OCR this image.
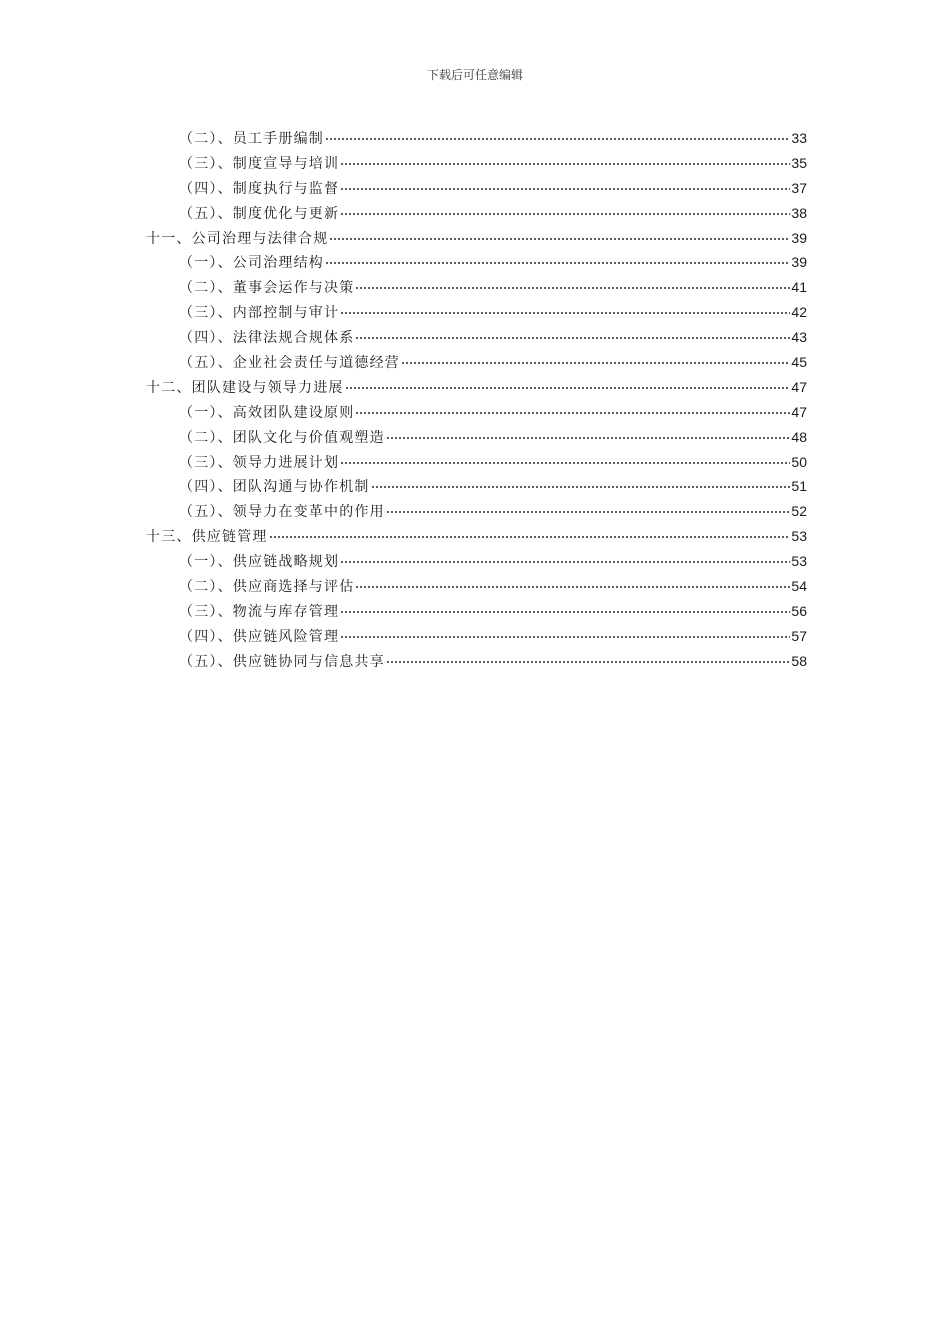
下载后可任意编辑
（二）、员工手册编制	33
（三）、制度宣导与培训	35
（四）、制度执行与监督	37
（五）、制度优化与更新	38
十一、公司治理与法律合规	39
（一）、公司治理结构	39
（二）、董事会运作与决策	41
（三）、内部控制与审计	42
（四）、法律法规合规体系	43
（五）、企业社会责任与道德经营	45
十二、团队建设与领导力进展	47
（一）、高效团队建设原则	47
（二）、团队文化与价值观塑造	48
（三）、领导力进展计划	50
（四）、团队沟通与协作机制	51
（五）、领导力在变革中的作用	52
十三、供应链管理	53
（一）、供应链战略规划	53
（二）、供应商选择与评估	54
（三）、物流与库存管理	56
（四）、供应链风险管理	57
（五）、供应链协同与信息共享	58
